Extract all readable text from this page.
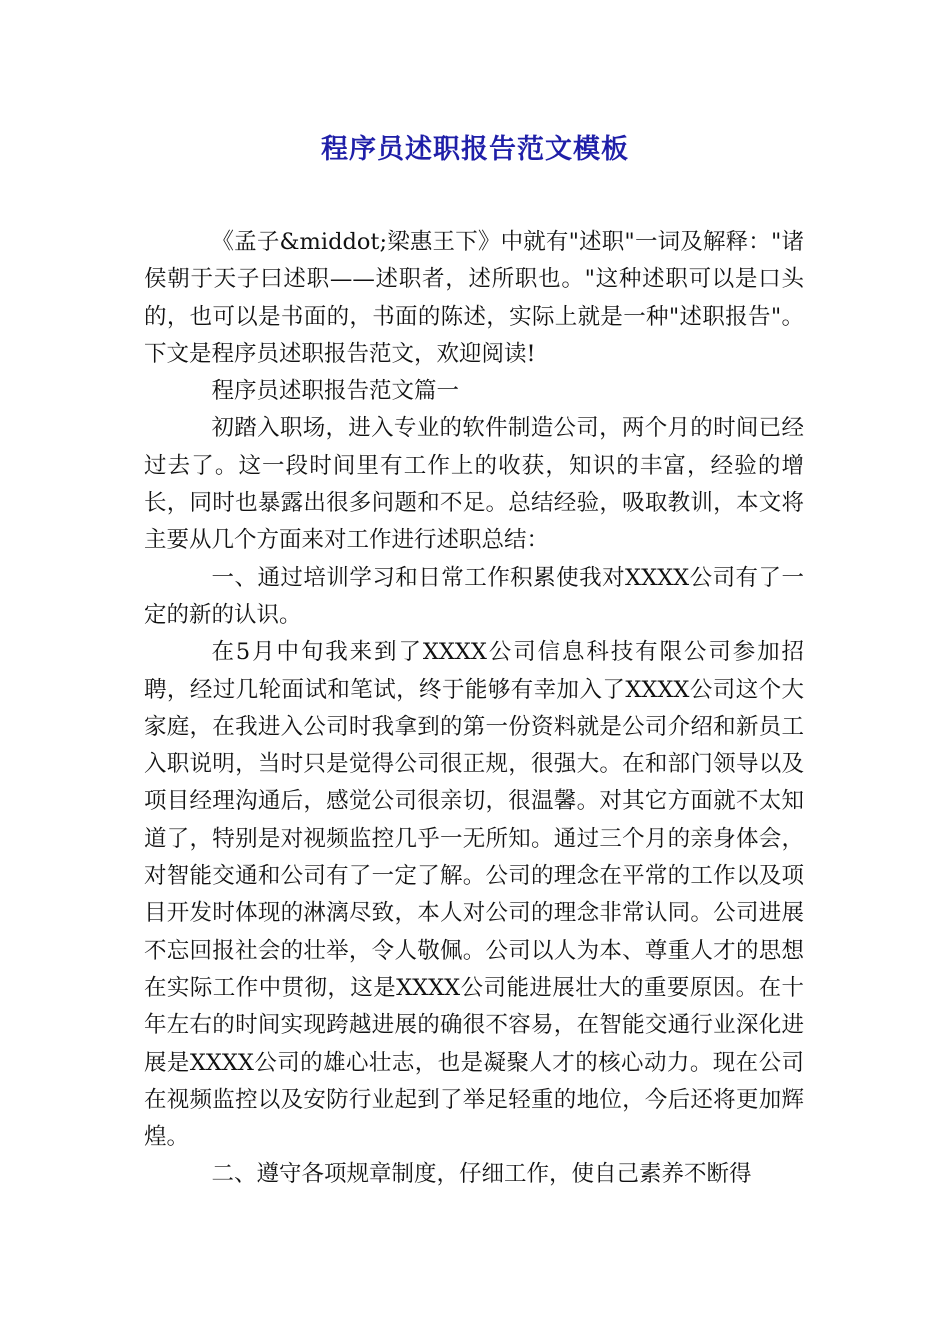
程序员述职报告范文模板

《孟子&middot;梁惠王下》中就有"述职"一词及解释："诸侯朝于天子曰述职——述职者，述所职也。"这种述职可以是口头的，也可以是书面的，书面的陈述，实际上就是一种"述职报告"。下文是程序员述职报告范文，欢迎阅读!

程序员述职报告范文篇一

初踏入职场，进入专业的软件制造公司，两个月的时间已经过去了。这一段时间里有工作上的收获，知识的丰富，经验的增长，同时也暴露出很多问题和不足。总结经验，吸取教训，本文将主要从几个方面来对工作进行述职总结：

一、通过培训学习和日常工作积累使我对XXXX公司有了一定的新的认识。

在5月中旬我来到了XXXX公司信息科技有限公司参加招聘，经过几轮面试和笔试，终于能够有幸加入了XXXX公司这个大家庭，在我进入公司时我拿到的第一份资料就是公司介绍和新员工入职说明，当时只是觉得公司很正规，很强大。在和部门领导以及项目经理沟通后，感觉公司很亲切，很温馨。对其它方面就不太知道了，特别是对视频监控几乎一无所知。通过三个月的亲身体会，对智能交通和公司有了一定了解。公司的理念在平常的工作以及项目开发时体现的淋漓尽致，本人对公司的理念非常认同。公司进展不忘回报社会的壮举，令人敬佩。公司以人为本、尊重人才的思想在实际工作中贯彻，这是XXXX公司能进展壮大的重要原因。在十年左右的时间实现跨越进展的确很不容易，在智能交通行业深化进展是XXXX公司的雄心壮志，也是凝聚人才的核心动力。现在公司在视频监控以及安防行业起到了举足轻重的地位，今后还将更加辉煌。

二、遵守各项规章制度，仔细工作，使自己素养不断得
